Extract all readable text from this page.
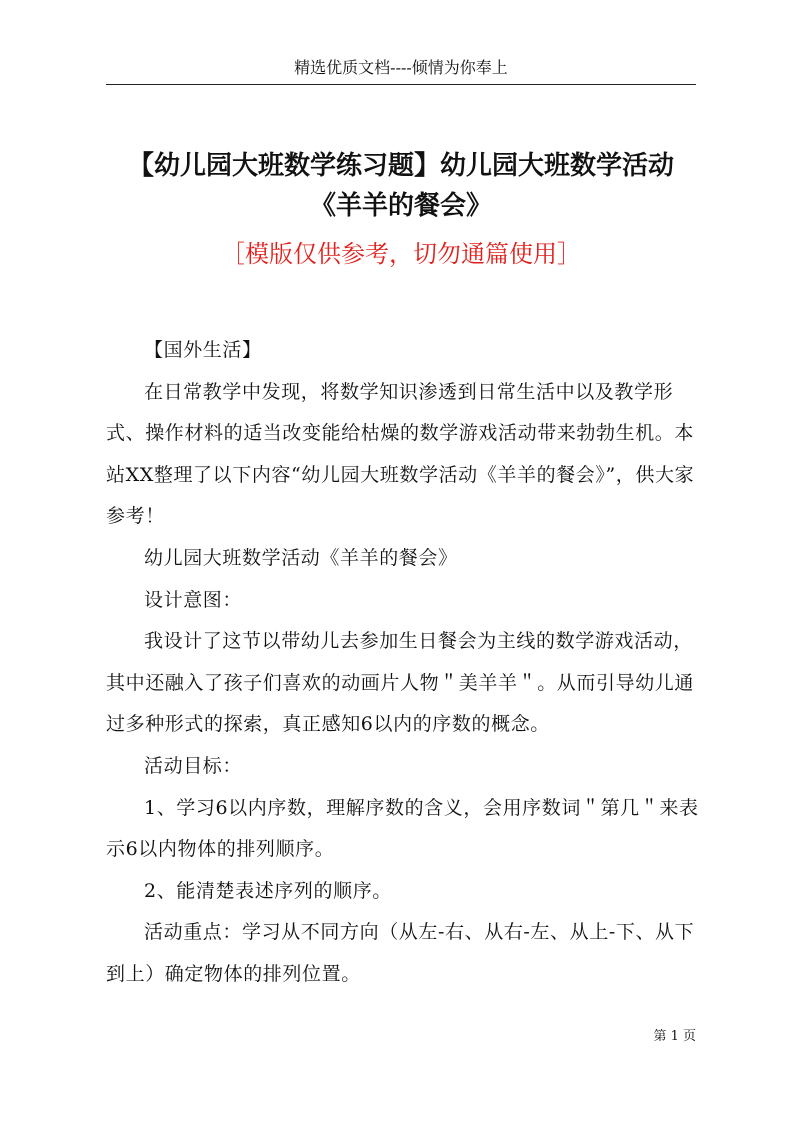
精选优质文档----倾情为你奉上
【幼儿园大班数学练习题】幼儿园大班数学活动《羊羊的餐会》
［模版仅供参考，切勿通篇使用］

【国外生活】

在日常教学中发现，将数学知识渗透到日常生活中以及教学形式、操作材料的适当改变能给枯燥的数学游戏活动带来勃勃生机。本站XX整理了以下内容“幼儿园大班数学活动《羊羊的餐会》”，供大家参考！

幼儿园大班数学活动《羊羊的餐会》

设计意图：

我设计了这节以带幼儿去参加生日餐会为主线的数学游戏活动，其中还融入了孩子们喜欢的动画片人物＂美羊羊＂。从而引导幼儿通过多种形式的探索，真正感知6以内的序数的概念。

活动目标：

1、学习6以内序数，理解序数的含义，会用序数词＂第几＂来表示6以内物体的排列顺序。

2、能清楚表述序列的顺序。

活动重点：学习从不同方向（从左-右、从右-左、从上-下、从下到上）确定物体的排列位置。

第 1 页
